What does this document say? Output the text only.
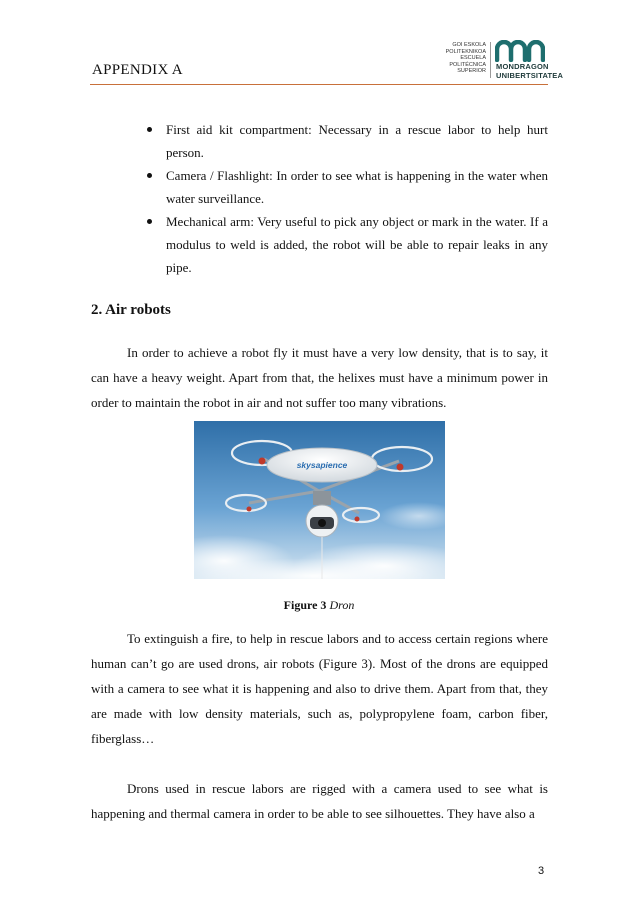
APPENDIX A
GOI ESKOLA
POLITEKNIKOA
ESCUELA
POLITÉCNICA
SUPERIOR MONDRAGON
UNIBERTSITATEA
First aid kit compartment: Necessary in a rescue labor to help hurt person.
Camera / Flashlight: In order to see what is happening in the water when water surveillance.
Mechanical arm: Very useful to pick any object or mark in the water. If a modulus to weld is added, the robot will be able to repair leaks in any pipe.
2. Air robots
In order to achieve a robot fly it must have a very low density, that is to say, it can have a heavy weight. Apart from that, the helixes must have a minimum power in order to maintain the robot in air and not suffer too many vibrations.
skysapience
Figure 3 Dron
To extinguish a fire, to help in rescue labors and to access certain regions where human can’t go are used drons, air robots (Figure 3). Most of the drons are equipped with a camera to see what it is happening and also to drive them. Apart from that, they are made with low density materials, such as, polypropylene foam, carbon fiber, fiberglass…
Drons used in rescue labors are rigged with a camera used to see what is happening and thermal camera in order to be able to see silhouettes. They have also a
3
